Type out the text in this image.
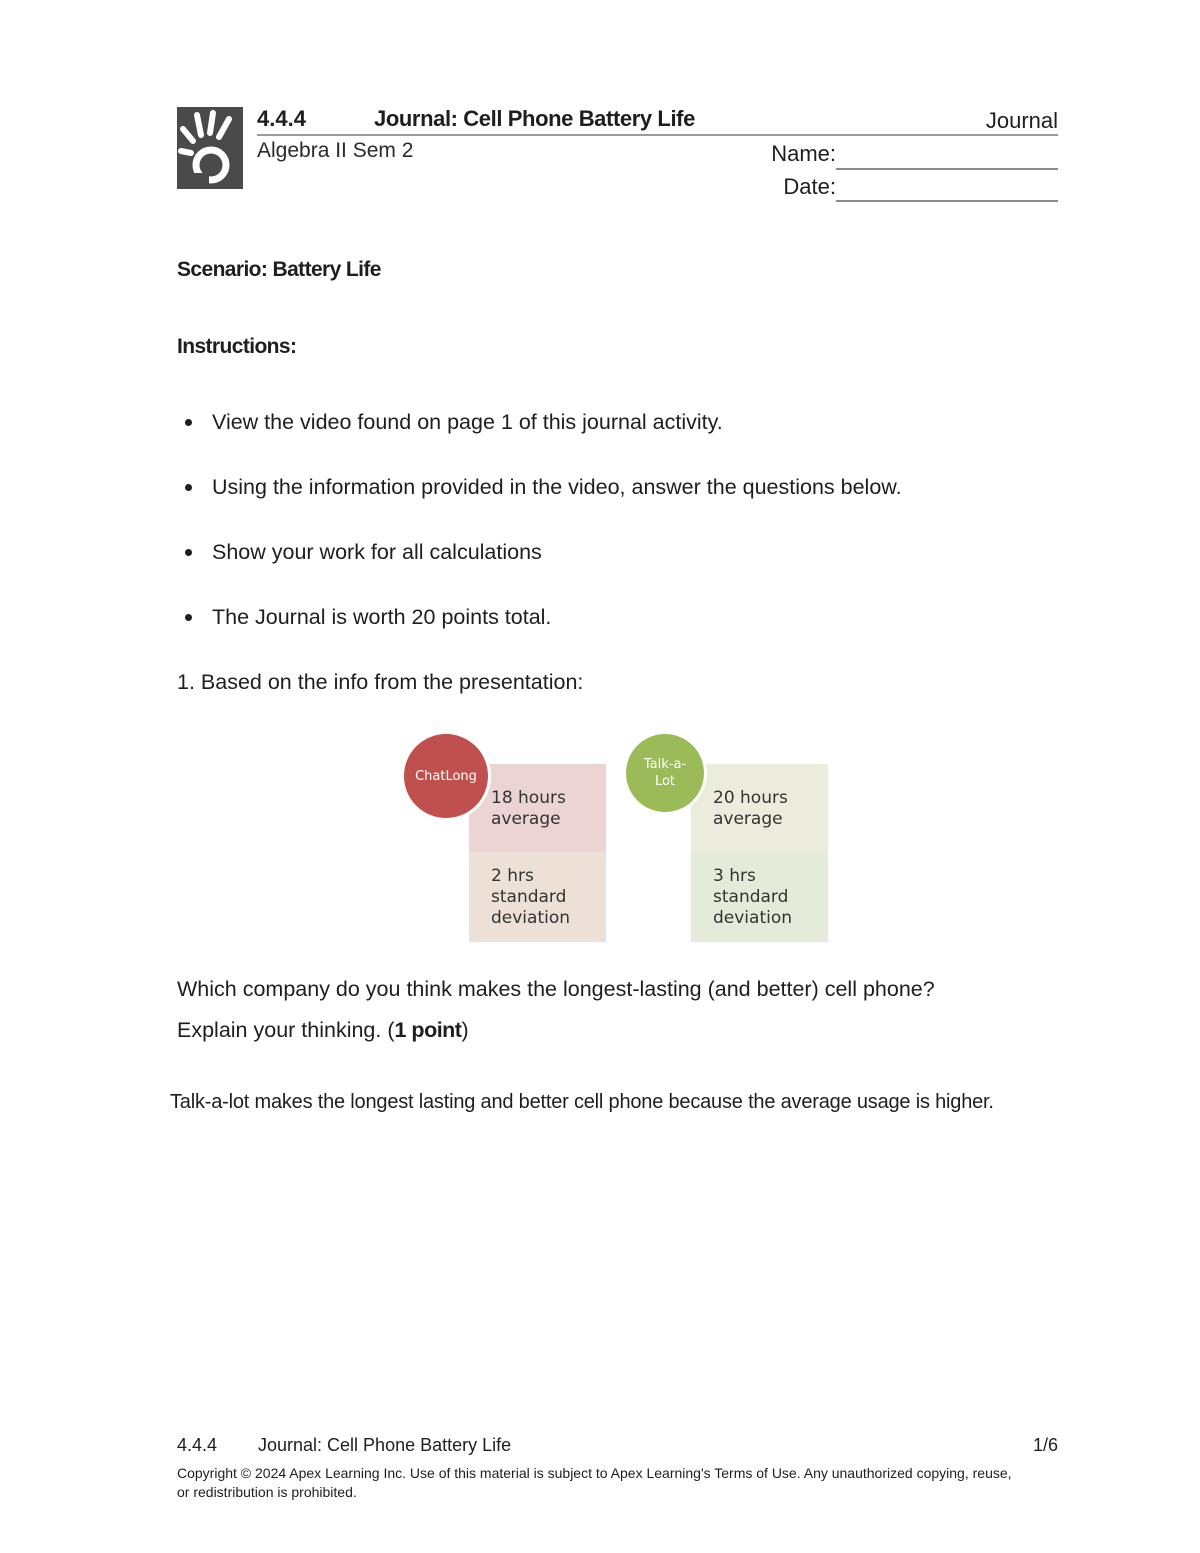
4.4.4	Journal: Cell Phone Battery Life	Journal
Algebra II Sem 2	Name:
Date:
Scenario: Battery Life
Instructions:
View the video found on page 1 of this journal activity.
Using the information provided in the video, answer the questions below.
Show your work for all calculations
The Journal is worth 20 points total.
1. Based on the info from the presentation:
18 hours average
2 hrs standard deviation
ChatLong
20 hours average
3 hrs standard deviation
Talk-a-Lot
Which company do you think makes the longest-lasting (and better) cell phone?
Explain your thinking. (1 point)
Talk-a-lot makes the longest lasting and better cell phone because the average usage is higher.
4.4.4 Journal: Cell Phone Battery Life	1/6
Copyright © 2024 Apex Learning Inc. Use of this material is subject to Apex Learning's Terms of Use. Any unauthorized copying, reuse, or redistribution is prohibited.
